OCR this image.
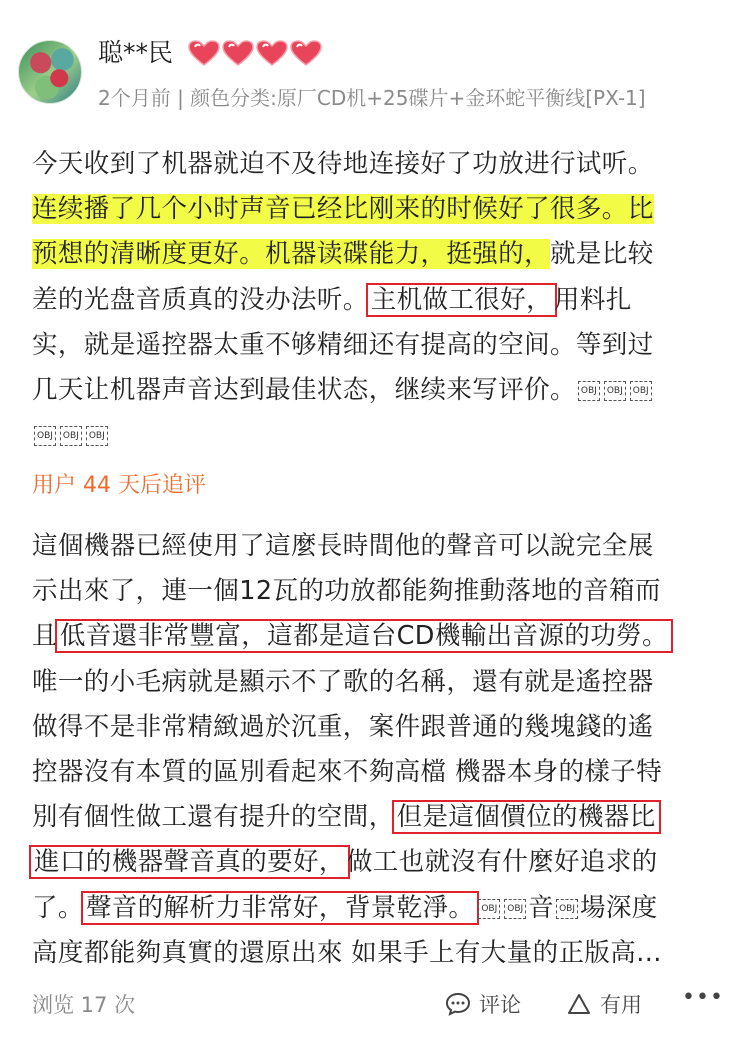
聪**民
2个月前 | 颜色分类:原厂CD机+25碟片+金环蛇平衡线[PX-1]
今天收到了机器就迫不及待地连接好了功放进行试听。
连续播了几个小时声音已经比刚来的时候好了很多。比
预想的清晰度更好。机器读碟能力，挺强的，就是比较
差的光盘音质真的没办法听。主机做工很好，用料扎
实，就是遥控器太重不够精细还有提高的空间。等到过
几天让机器声音达到最佳状态，继续来写评价。 OBJ OBJ OBJ
OBJ OBJ OBJ
用户 44 天后追评
這個機器已經使用了這麼長時間他的聲音可以說完全展
示出來了，連一個12瓦的功放都能夠推動落地的音箱而
且低音還非常豐富，這都是這台CD機輸出音源的功勞。
唯一的小毛病就是顯示不了歌的名稱，還有就是遙控器
做得不是非常精緻過於沉重，案件跟普通的幾塊錢的遙
控器沒有本質的區別看起來不夠高檔 機器本身的樣子特
別有個性做工還有提升的空間，但是這個價位的機器比
進口的機器聲音真的要好，做工也就沒有什麼好追求的
了。聲音的解析力非常好，背景乾淨。 OBJ OBJ 音 OBJ 場深度
高度都能夠真實的還原出來 如果手上有大量的正版高...
浏览 17 次	评论	有用 •••
